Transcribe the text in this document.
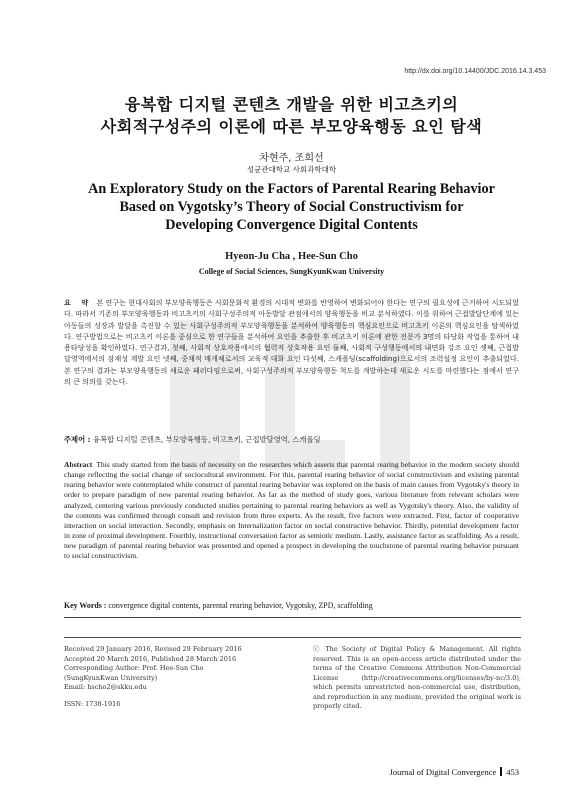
http://dx.doi.org/10.14400/JDC.2016.14.3.453
융복합 디지털 콘텐츠 개발을 위한 비고츠키의
사회적구성주의 이론에 따른 부모양육행동 요인 탐색
차현주, 조희선
성균관대학교 사회과학대학
An Exploratory Study on the Factors of Parental Rearing Behavior
Based on Vygotsky’s Theory of Social Constructivism for
Developing Convergence Digital Contents
Hyeon-Ju Cha , Hee-Sun Cho
College of Social Sciences, SungKyunKwan University
요 약 본 연구는 현대사회의 부모양육행동은 사회문화적 환경의 시대적 변화를 반영하여 변화되어야 한다는 연구의 필요성에 근거하여 시도되었다. 따라서 기존의 부모양육행동과 비고츠키의 사회구성주의적 아동발달 관점에서의 양육행동을 비교 분석하였다. 이를 위하여 근접발달단계에 있는 아동들의 성장과 발달을 촉진할 수 있는 사회구성주의적 부모양육행동을 분석하여 양육행동의 핵심요인으로 비고츠키 이론의 핵심요인을 탐색하였다. 연구방법으로는 비고츠키 이론을 중심으로 한 연구들을 분석하여 요인을 추출한 후 비고츠키 이론에 관한 전문가 3명의 타당화 작업을 통하여 내용타당성을 확인하였다. 연구결과, 첫째, 사회적 상호작용에서의 협력적 상호작용 요인 둘째, 사회적 구성행동에서의 내면화 강조 요인 셋째, 근접발달영역에서의 잠재성 계발 요인 넷째, 중재적 매개체로서의 교육적 대화 요인 다섯째, 스캐폴딩(scaffolding)으로서의 조력설정 요인이 추출되었다. 본 연구의 결과는 부모양육행동의 새로운 패러다임으로써, 사회구성주의적 부모양육행동 척도를 개발하는데 새로운 시도를 마련했다는 점에서 연구의 큰 의의를 갖는다.
주제어 : 융복합 디지털 콘텐츠, 부모양육행동, 비고츠키, 근접발달영역, 스캐폴딩
Abstract This study started from the basis of necessity on the researches which asserts that parental rearing behavior in the modern society should change reflecting the social change of sociocultural environment. For this, parental rearing behavior of social constructivism and existing parental rearing behavior were contemplated while construct of parental rearing behavior was explored on the basis of main causes from Vygotsky's theory in order to prepare paradigm of new parental rearing behavior. As far as the method of study goes, various literature from relevant scholars were analyzed, centering various previously conducted studies pertaining to parental rearing behaviors as well as Vygotsky's theory. Also, the validity of the contents was confirmed through consult and revision from three experts. As the result, five factors were extracted. First, factor of cooperative interaction on social interaction. Secondly, emphasis on Internalization factor on social constructive behavior. Thirdly, potential development factor in zone of proximal development. Fourthly, instructional conversation factor as semiotic medium. Lastly, assistance factor as scaffolding. As a result, new paradigm of parental rearing behavior was presented and opened a prospect in developing the touchstone of parental rearing behavior pursuant to social constructivism.
Key Words : convergence digital contents, parental rearing behavior, Vygotsky, ZPD, scaffolding
Received 29 January 2016, Revised 29 February 2016
Accepted 20 March 2016, Published 28 March 2016
Corresponding Author: Prof. Hee-Sun Cho
(SungKyunKwan University)
Email: hscho2@skku.edu
ISSN: 1738-1916
ⓒ The Society of Digital Policy & Management. All rights reserved. This is an open-access article distributed under the terms of the Creative Commons Attribution Non-Commercial License (http://creativecommons.org/licenses/by-nc/3.0), which permits unrestricted non-commercial use, distribution, and reproduction in any medium, provided the original work is properly cited.
Journal of Digital Convergence 453
